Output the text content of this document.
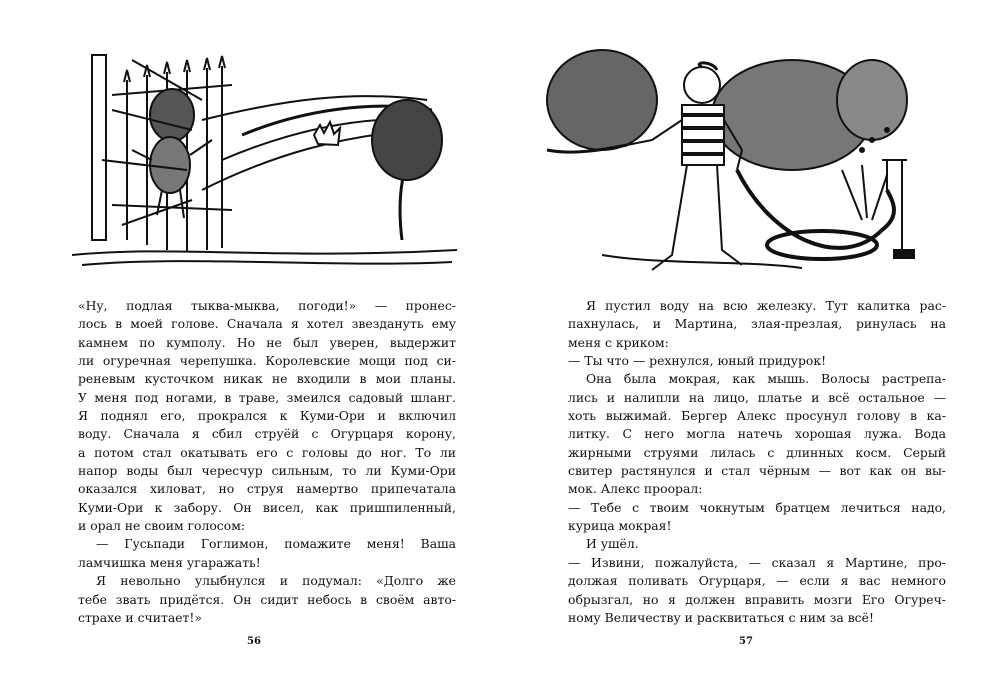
«Ну, подлая тыква-мыква, погоди!» — пронес-
лось в моей голове. Сначала я хотел звездануть ему
камнем по кумполу. Но не был уверен, выдержит
ли огуречная черепушка. Королевские мощи под си-
реневым кусточком никак не входили в мои планы.
У меня под ногами, в траве, змеился садовый шланг.
Я поднял его, прокрался к Куми-Ори и включил
воду. Сначала я сбил струёй с Огурцаря корону,
а потом стал окатывать его с головы до ног. То ли
напор воды был чересчур сильным, то ли Куми-Ори
оказался хиловат, но струя намертво припечатала
Куми-Ори к забору. Он висел, как пришпиленный,
и орал не своим голосом:
— Гусьпади Гоглимон, помажите меня! Ваша
ламчишка меня угаражать!
Я невольно улыбнулся и подумал: «Долго же
тебе звать придётся. Он сидит небось в своём авто-
страхе и считает!»
56
Я пустил воду на всю железку. Тут калитка рас-
пахнулась, и Мартина, злая-презлая, ринулась на
меня с криком:
— Ты что — рехнулся, юный придурок!
Она была мокрая, как мышь. Волосы растрепа-
лись и налипли на лицо, платье и всё остальное —
хоть выжимай. Бергер Алекс просунул голову в ка-
литку. С него могла натечь хорошая лужа. Вода
жирными струями лилась с длинных косм. Серый
свитер растянулся и стал чёрным — вот как он вы-
мок. Алекс проорал:
— Тебе с твоим чокнутым братцем лечиться надо,
курица мокрая!
И ушёл.
— Извини, пожалуйста, — сказал я Мартине, про-
должая поливать Огурцаря, — если я вас немного
обрызгал, но я должен вправить мозги Его Огуреч-
ному Величеству и расквитаться с ним за всё!
57
